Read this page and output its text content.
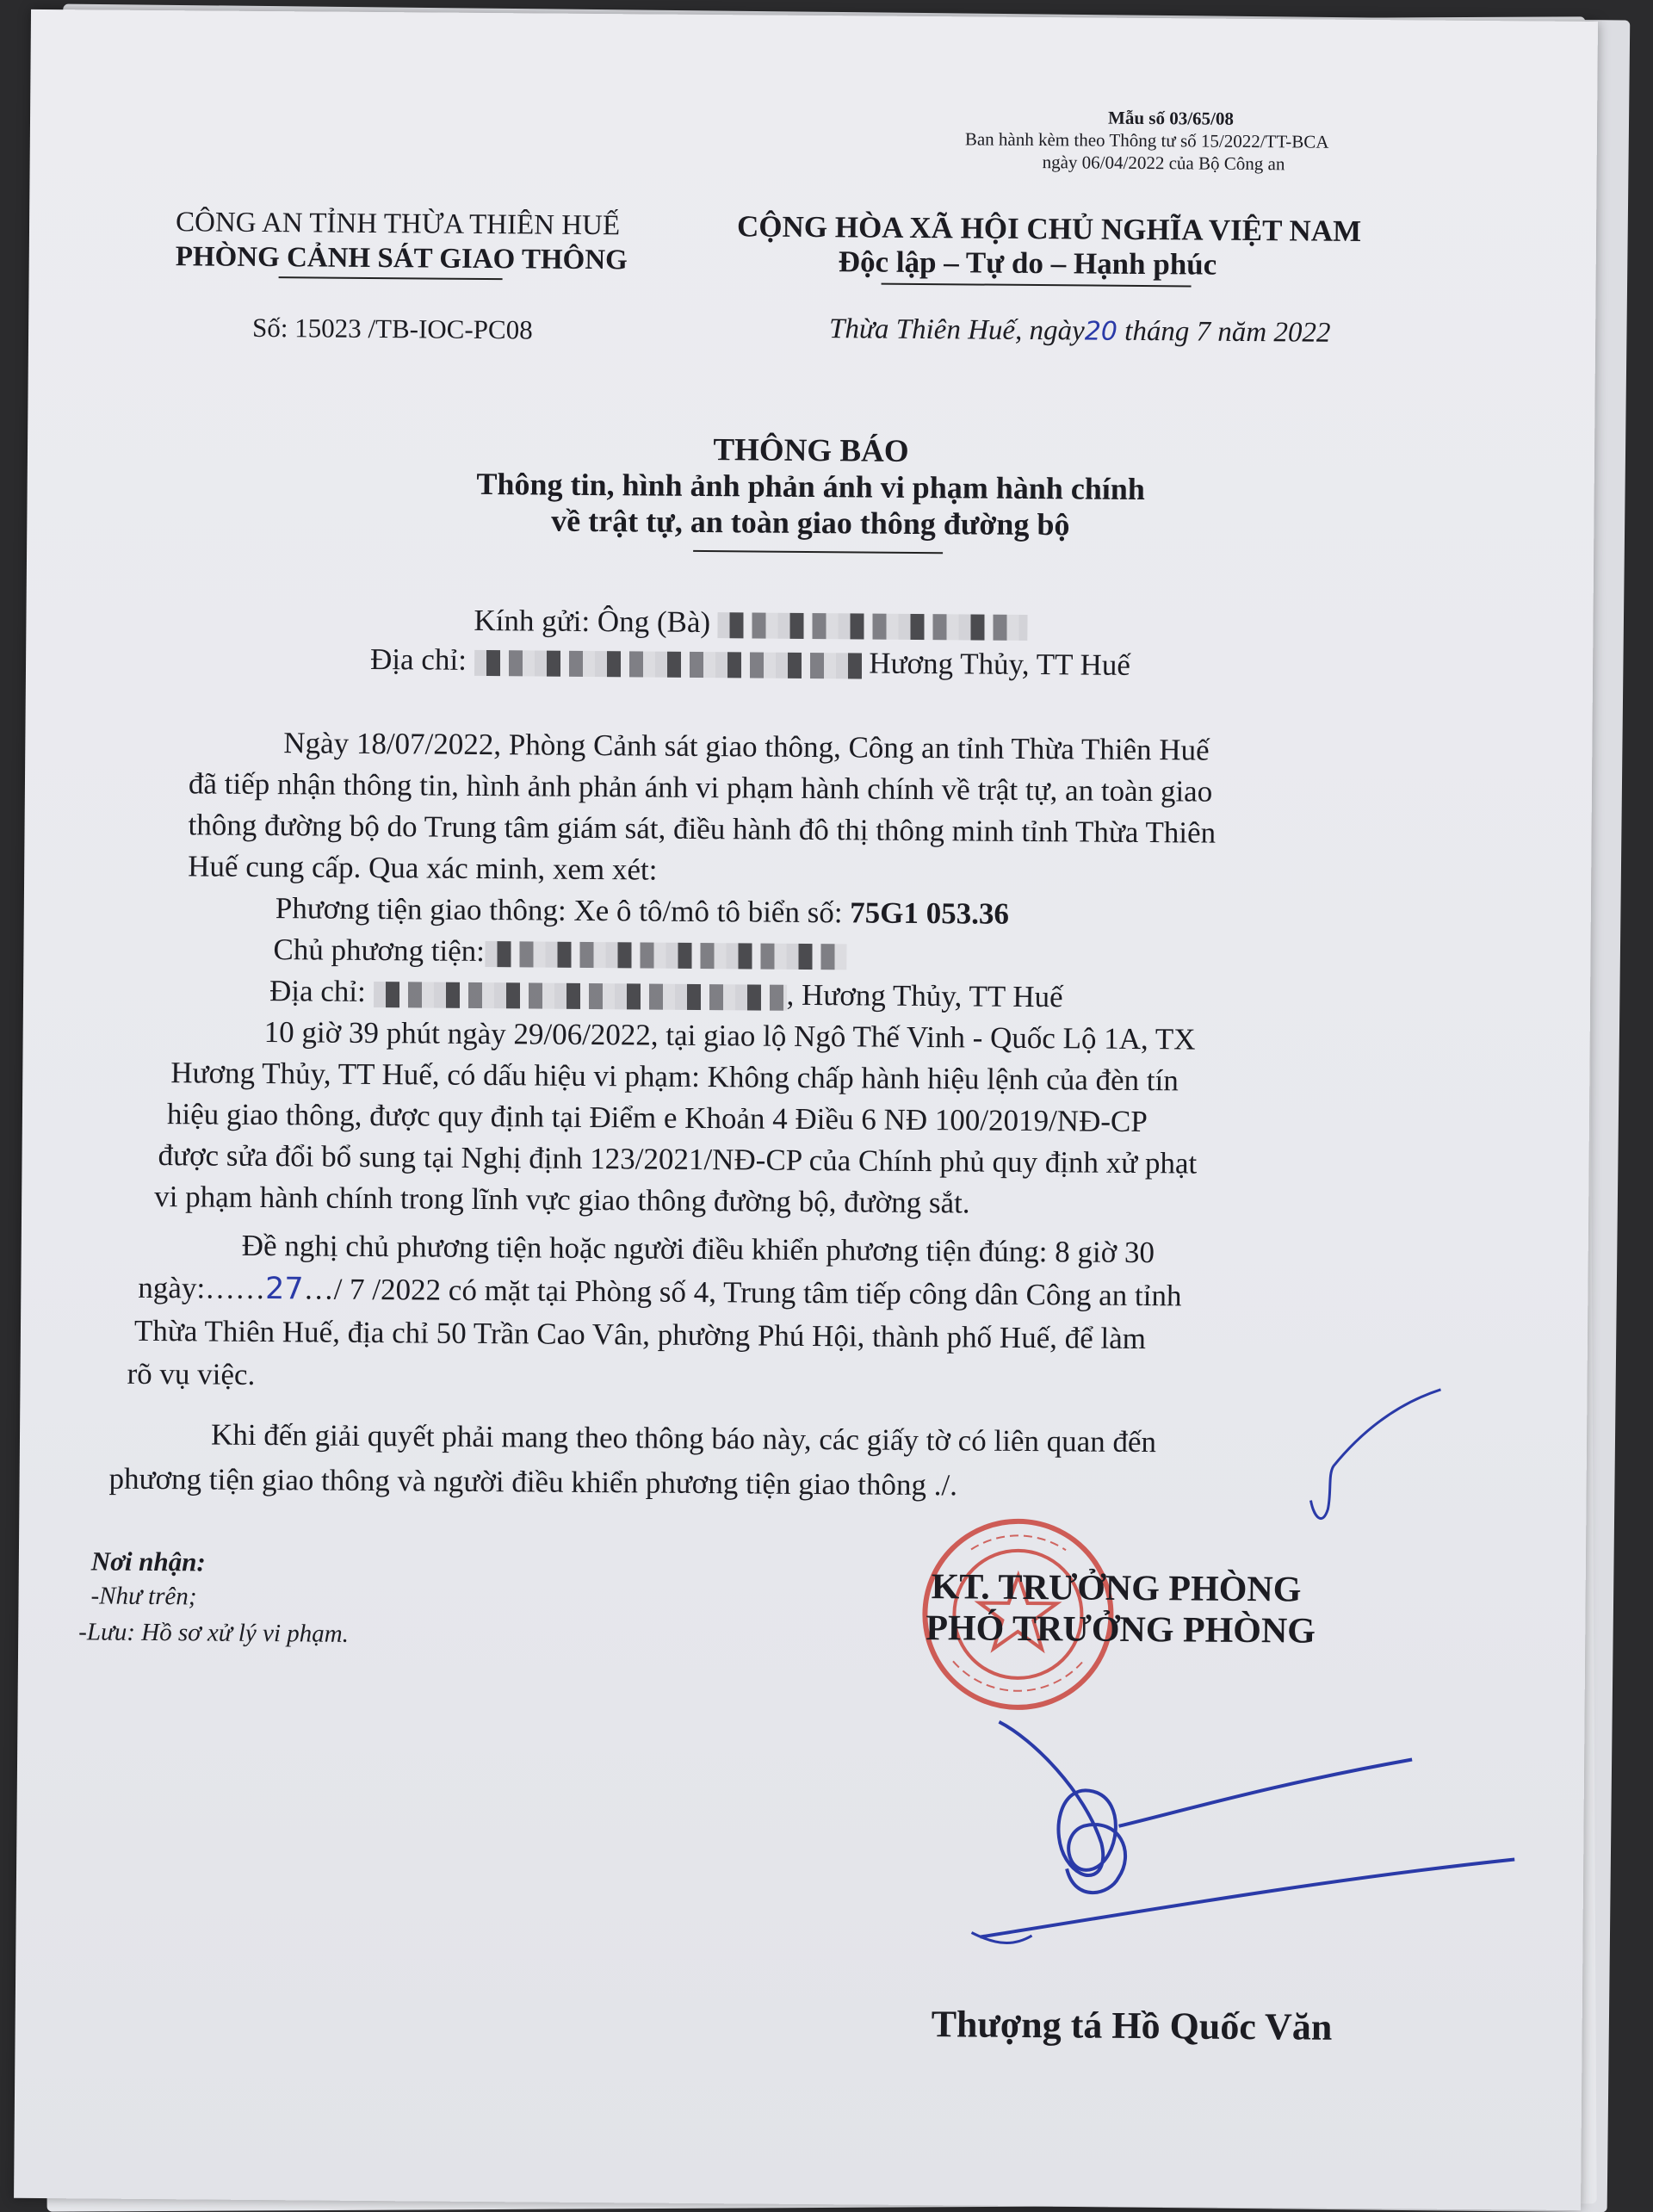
Mẫu số 03/65/08
Ban hành kèm theo Thông tư số 15/2022/TT-BCA
ngày 06/04/2022 của Bộ Công an
CÔNG AN TỈNH THỪA THIÊN HUẾ
PHÒNG CẢNH SÁT GIAO THÔNG
Số: 15023 /TB-IOC-PC08
CỘNG HÒA XÃ HỘI CHỦ NGHĨA VIỆT NAM
Độc lập – Tự do – Hạnh phúc
Thừa Thiên Huế, ngày20 tháng 7 năm 2022
THÔNG BÁO
Thông tin, hình ảnh phản ánh vi phạm hành chính
về trật tự, an toàn giao thông đường bộ
Kính gửi: Ông (Bà)
Địa chỉ:	Hương Thủy, TT Huế
Ngày 18/07/2022, Phòng Cảnh sát giao thông, Công an tỉnh Thừa Thiên Huế
đã tiếp nhận thông tin, hình ảnh phản ánh vi phạm hành chính về trật tự, an toàn giao
thông đường bộ do Trung tâm giám sát, điều hành đô thị thông minh tỉnh Thừa Thiên
Huế cung cấp. Qua xác minh, xem xét:
Phương tiện giao thông: Xe ô tô/mô tô biển số: 75G1 053.36
Chủ phương tiện:
Địa chỉ:	, Hương Thủy, TT Huế
10 giờ 39 phút ngày 29/06/2022, tại giao lộ Ngô Thế Vinh - Quốc Lộ 1A, TX
Hương Thủy, TT Huế, có dấu hiệu vi phạm: Không chấp hành hiệu lệnh của đèn tín
hiệu giao thông, được quy định tại Điểm e Khoản 4 Điều 6 NĐ 100/2019/NĐ-CP
được sửa đổi bổ sung tại Nghị định 123/2021/NĐ-CP của Chính phủ quy định xử phạt
vi phạm hành chính trong lĩnh vực giao thông đường bộ, đường sắt.
Đề nghị chủ phương tiện hoặc người điều khiển phương tiện đúng: 8 giờ 30
ngày:……27…/ 7 /2022 có mặt tại Phòng số 4, Trung tâm tiếp công dân Công an tỉnh
Thừa Thiên Huế, địa chỉ 50 Trần Cao Vân, phường Phú Hội, thành phố Huế, để làm
rõ vụ việc.
Khi đến giải quyết phải mang theo thông báo này, các giấy tờ có liên quan đến
phương tiện giao thông và người điều khiển phương tiện giao thông ./.
Nơi nhận:
-Như trên;
-Lưu: Hồ sơ xử lý vi phạm.
KT. TRƯỞNG PHÒNG
PHÓ TRƯỞNG PHÒNG
Thượng tá Hồ Quốc Văn
